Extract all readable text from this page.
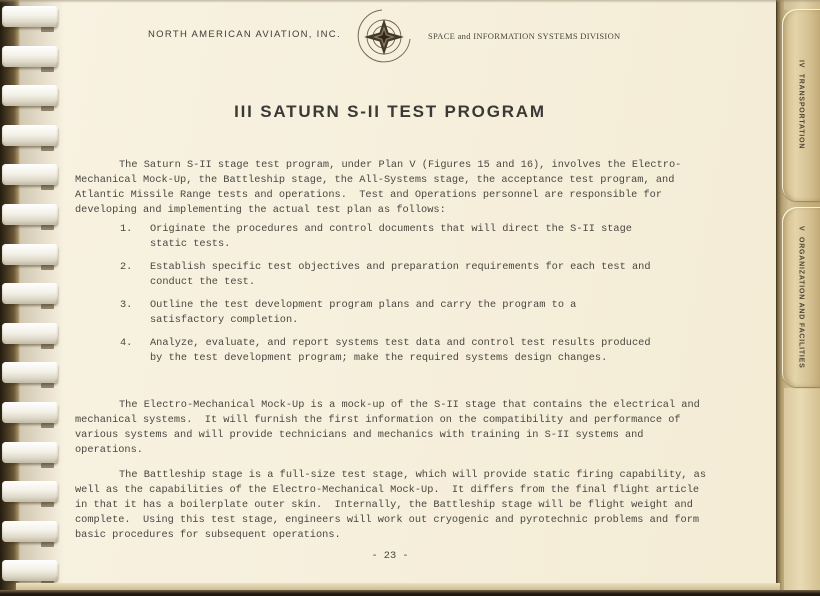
NORTH AMERICAN AVIATION, INC.	SPACE and INFORMATION SYSTEMS DIVISION
III SATURN S-II TEST PROGRAM

The Saturn S-II stage test program, under Plan V (Figures 15 and 16), involves the Electro-Mechanical Mock-Up, the Battleship stage, the All-Systems stage, the acceptance test program, and Atlantic Missile Range tests and operations.  Test and Operations personnel are responsible for developing and implementing the actual test plan as follows:

1.	Originate the procedures and control documents that will direct the S-II stage static tests.
2.	Establish specific test objectives and preparation requirements for each test and conduct the test.
3.	Outline the test development program plans and carry the program to a satisfactory completion.
4.	Analyze, evaluate, and report systems test data and control test results produced by the test development program; make the required systems design changes.

The Electro-Mechanical Mock-Up is a mock-up of the S-II stage that contains the electrical and mechanical systems.  It will furnish the first information on the compatibility and performance of various systems and will provide technicians and mechanics with training in S-II systems and operations.

The Battleship stage is a full-size test stage, which will provide static firing capability, as well as the capabilities of the Electro-Mechanical Mock-Up.  It differs from the final flight article in that it has a boilerplate outer skin.  Internally, the Battleship stage will be flight weight and complete.  Using this test stage, engineers will work out cryogenic and pyrotechnic problems and form basic procedures for subsequent operations.

- 23 -
IV  TRANSPORTATION
V  ORGANIZATION AND FACILITIES
